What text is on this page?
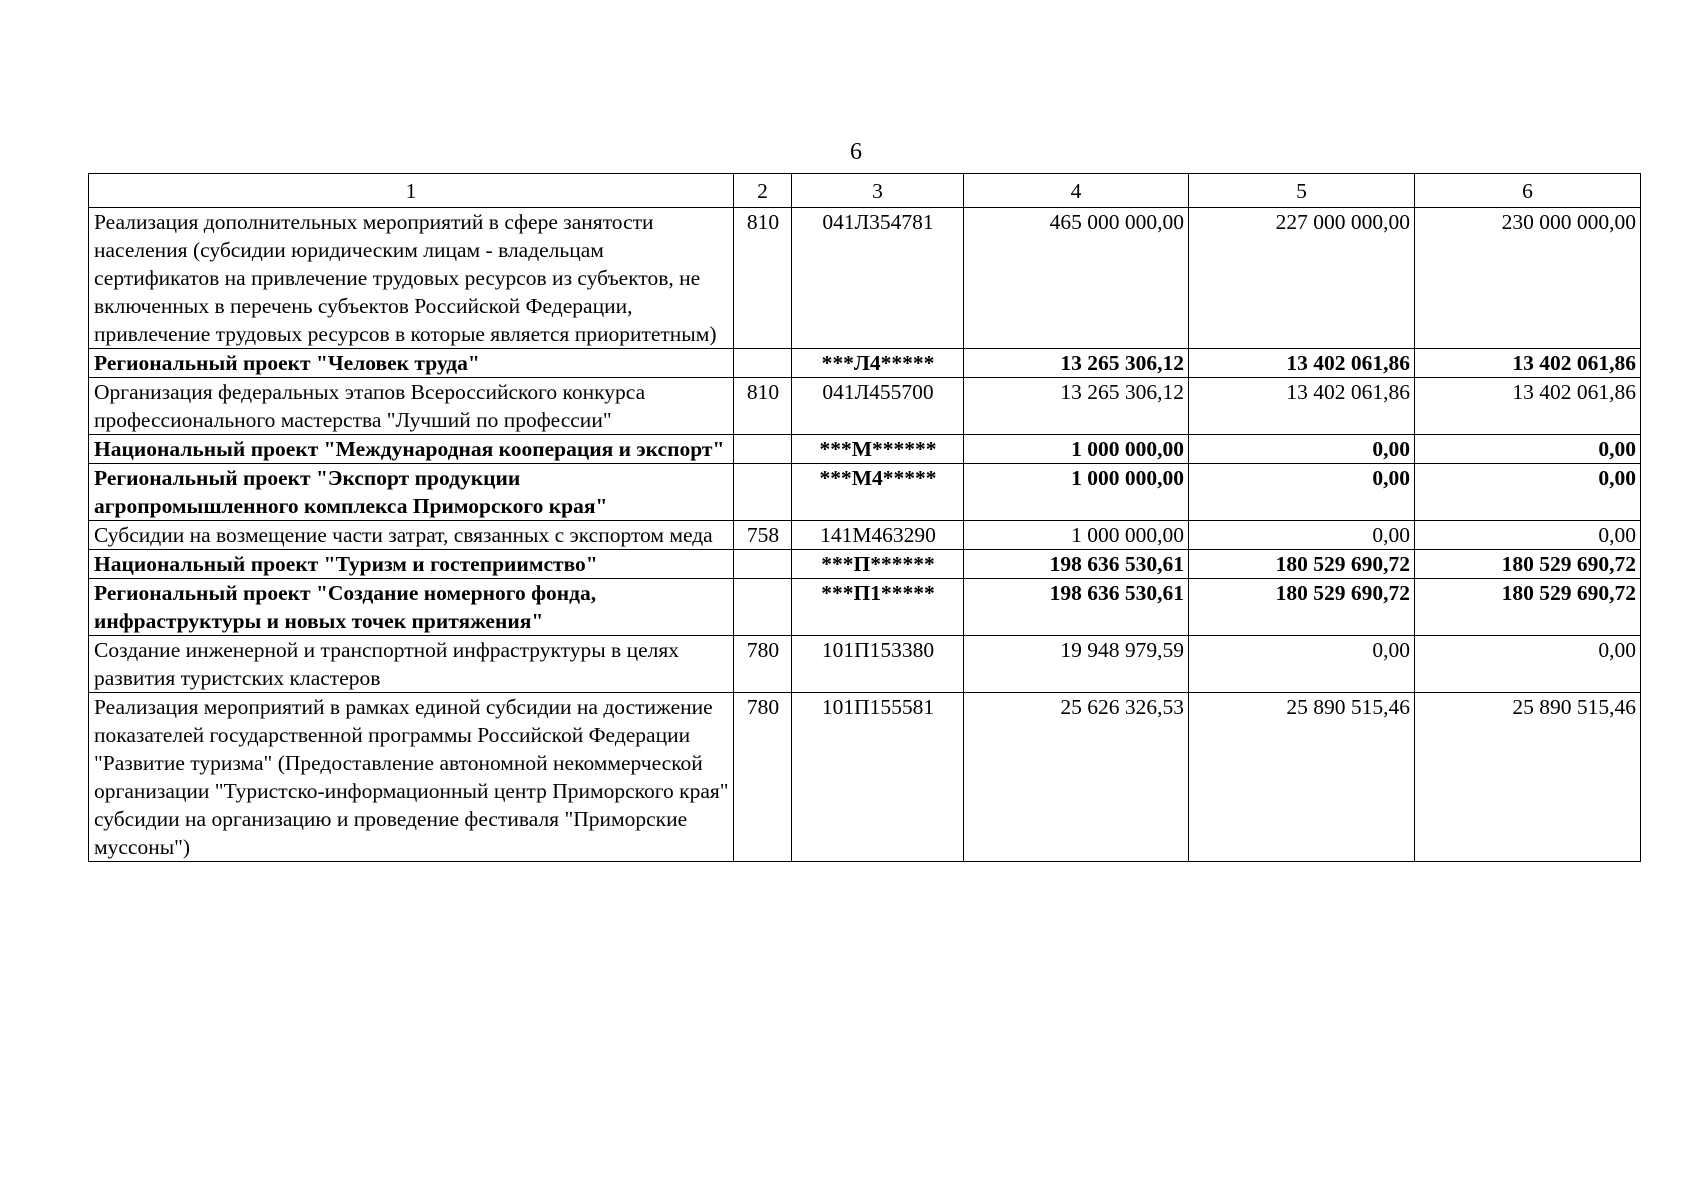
6
1	2	3	4	5	6
Реализация дополнительных мероприятий в сфере занятости населения (субсидии юридическим лицам - владельцам сертификатов на привлечение трудовых ресурсов из субъектов, не включенных в перечень субъектов Российской Федерации, привлечение трудовых ресурсов в которые является приоритетным)	810	041Л354781	465 000 000,00	227 000 000,00	230 000 000,00
Региональный проект "Человек труда"		***Л4*****	13 265 306,12	13 402 061,86	13 402 061,86
Организация федеральных этапов Всероссийского конкурса профессионального мастерства "Лучший по профессии"	810	041Л455700	13 265 306,12	13 402 061,86	13 402 061,86
Национальный проект "Международная кооперация и экспорт"		***М******	1 000 000,00	0,00	0,00
Региональный проект "Экспорт продукции агропромышленного комплекса Приморского края"		***М4*****	1 000 000,00	0,00	0,00
Субсидии на возмещение части затрат, связанных с экспортом меда	758	141М463290	1 000 000,00	0,00	0,00
Национальный проект "Туризм и гостеприимство"		***П******	198 636 530,61	180 529 690,72	180 529 690,72
Региональный проект "Создание номерного фонда, инфраструктуры и новых точек притяжения"		***П1*****	198 636 530,61	180 529 690,72	180 529 690,72
Создание инженерной и транспортной инфраструктуры в целях развития туристских кластеров	780	101П153380	19 948 979,59	0,00	0,00
Реализация мероприятий в рамках единой субсидии на достижение показателей государственной программы Российской Федерации "Развитие туризма" (Предоставление автономной некоммерческой организации "Туристско-информационный центр Приморского края" субсидии на организацию и проведение фестиваля "Приморские муссоны")	780	101П155581	25 626 326,53	25 890 515,46	25 890 515,46
